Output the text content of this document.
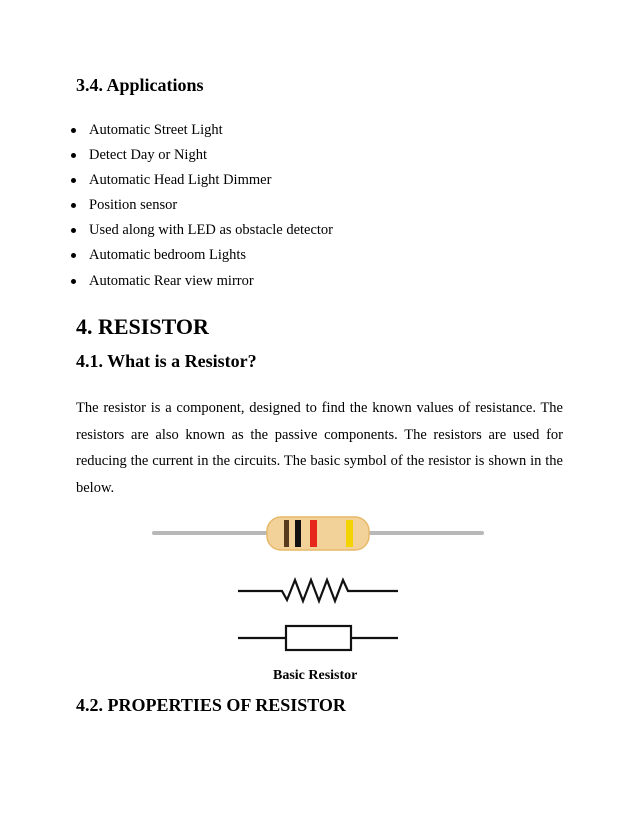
3.4. Applications
Automatic Street Light
Detect Day or Night
Automatic Head Light Dimmer
Position sensor
Used along with LED as obstacle detector
Automatic bedroom Lights
Automatic Rear view mirror
4. RESISTOR
4.1. What is a Resistor?

The resistor is a component, designed to find the known values of resistance. The resistors are also known as the passive components. The resistors are used for reducing the current in the circuits. The basic symbol of the resistor is shown in the below.

Basic Resistor

4.2. PROPERTIES OF RESISTOR
